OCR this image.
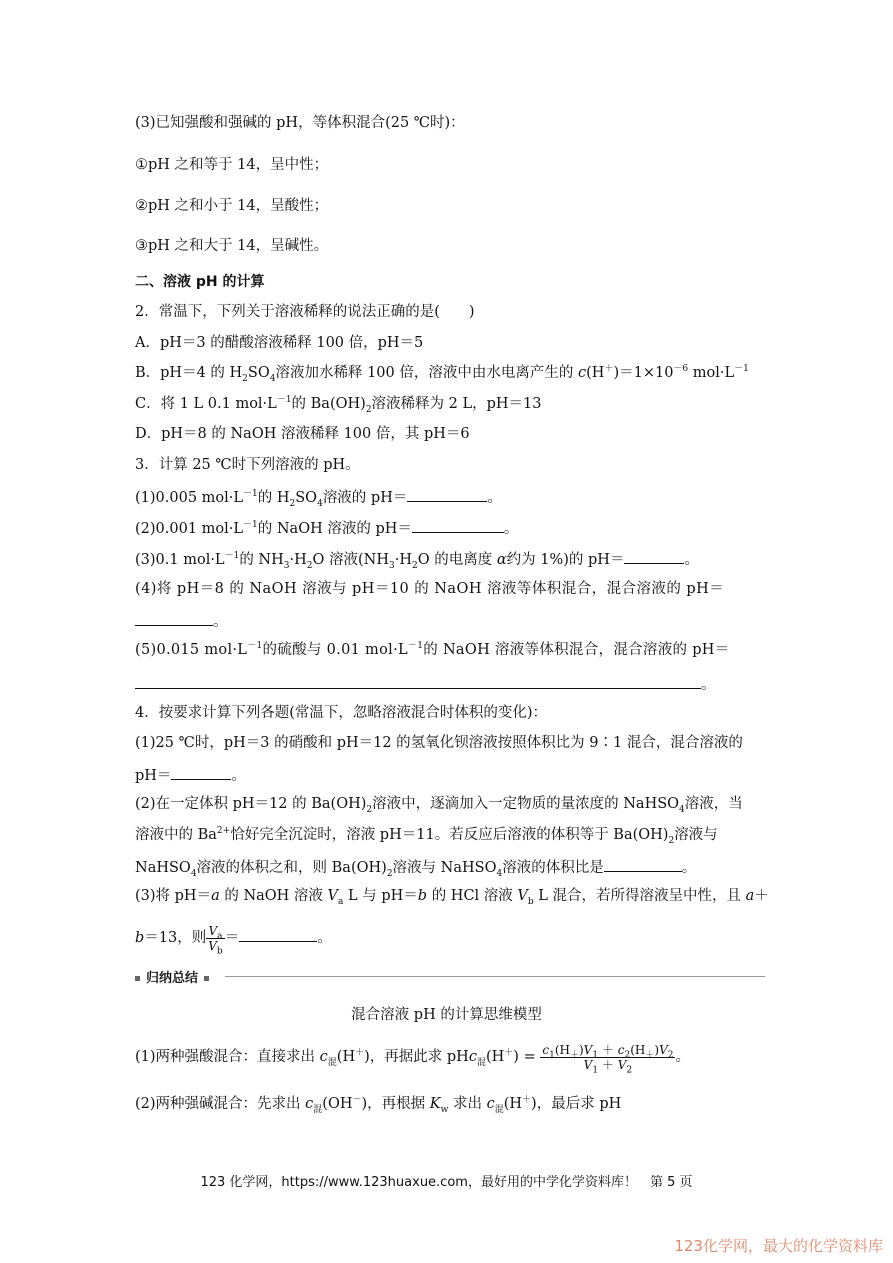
(3)已知强酸和强碱的 pH，等体积混合(25 ℃时)：
①pH 之和等于 14，呈中性；
②pH 之和小于 14，呈酸性；
③pH 之和大于 14，呈碱性。
二、溶液 pH 的计算
2．常温下，下列关于溶液稀释的说法正确的是(　　)
A．pH＝3 的醋酸溶液稀释 100 倍，pH＝5
B．pH＝4 的 $H_2SO_4$溶液加水稀释 100 倍，溶液中由水电离产生的 $c(H^+)=1\times 10^{-6}$ $mol\cdot L^{-1}$
C．将 1 L 0.1 $mol\cdot L^{-1}$的 $Ba(OH)_2$溶液稀释为 2 L，pH＝13
D．pH＝8 的 NaOH 溶液稀释 100 倍，其 pH＝6
3．计算 25 ℃时下列溶液的 pH。
(1)0.005 $mol\cdot L^{-1}$的 $H_2SO_4$溶液的 pH＝	。
(2)0.001 $mol\cdot L^{-1}$的 NaOH 溶液的 pH＝	。
(3)0.1 $mol\cdot L^{-1}$的 $NH_3\cdot H_2O$ 溶液($NH_3\cdot H_2O$ 的电离度 α约为 1%)的 pH＝	。
(4)将 pH＝8 的 NaOH 溶液与 pH＝10 的 NaOH 溶液等体积混合，混合溶液的 pH＝
。
(5)0.015 $mol\cdot L^{-1}$的硫酸与 0.01 $mol\cdot L^{-1}$的 NaOH 溶液等体积混合，混合溶液的 pH＝
。
4．按要求计算下列各题(常温下，忽略溶液混合时体积的变化)：
(1)25 ℃时，pH＝3 的硝酸和 pH＝12 的氢氧化钡溶液按照体积比为 9∶1 混合，混合溶液的
pH＝	。
(2)在一定体积 pH＝12 的 $Ba(OH)_2$溶液中，逐滴加入一定物质的量浓度的 NaHSO$_4$溶液，当
溶液中的 $Ba^{2+}$恰好完全沉淀时，溶液 pH＝11。若反应后溶液的体积等于 $Ba(OH)_2$溶液与
NaHSO$_4$溶液的体积之和，则 $Ba(OH)_2$溶液与 NaHSO$_4$溶液的体积比是	。
(3)将 pH＝a 的 NaOH 溶液 $V_a$ L 与 pH＝b 的 HCl 溶液 $V_b$ L 混合，若所得溶液呈中性，且 a＋
b＝13，则 $\frac{V_a}{V_b}$ ＝	。
归纳总结
混合溶液 pH 的计算思维模型
(1)两种强酸混合：直接求出 $c_混(H^+)$，再据此求 $pHc_混(H^+) = \frac{c_1(H_+)V_1 + c_2(H_+)V_2}{V_1 + V_2}$ 。
(2)两种强碱混合：先求出 $c_混(OH^-)$，再根据 $K_w$ 求出 $c_混(H^+)$，最后求 pH
123 化学网，https://www.123huaxue.com，最好用的中学化学资料库！　第 5 页
123化学网，最大的化学资料库
